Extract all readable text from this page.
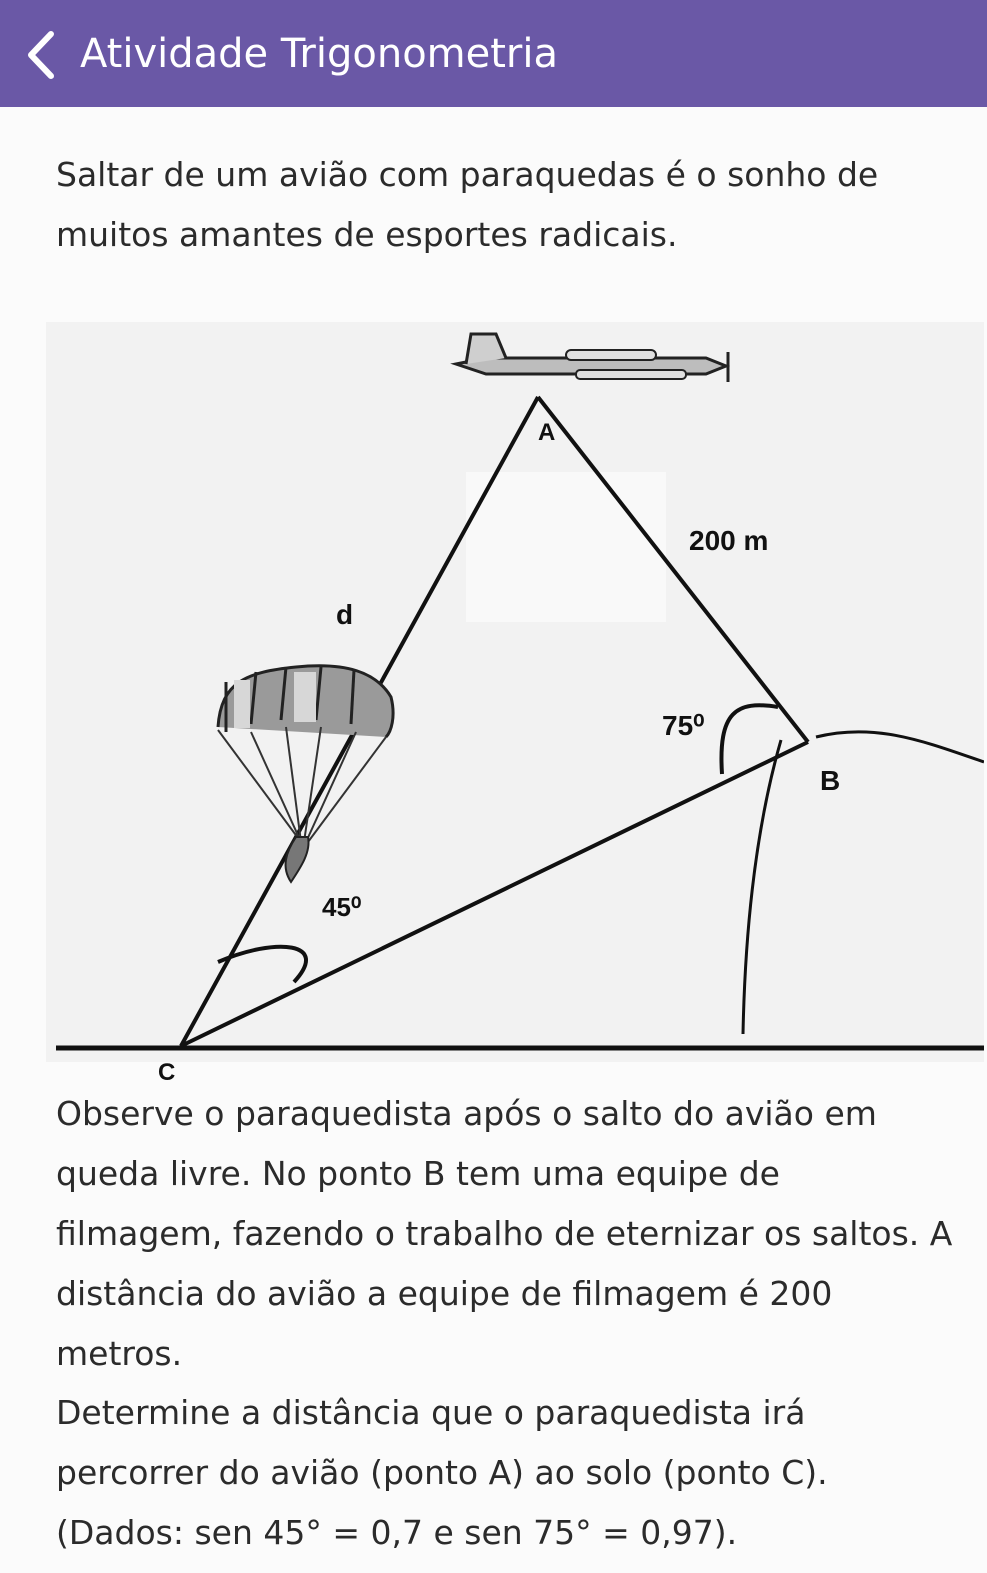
Atividade Trigonometria

Saltar de um avião com paraquedas é o sonho de muitos amantes de esportes radicais.

A
B
C
d
200 m
75⁰
45⁰

Observe o paraquedista após o salto do avião em queda livre. No ponto B tem uma equipe de filmagem, fazendo o trabalho de eternizar os saltos. A distância do avião a equipe de filmagem é 200 metros.

Determine a distância que o paraquedista irá percorrer do avião (ponto A) ao solo (ponto C).
(Dados: sen 45° = 0,7 e sen 75° = 0,97).
